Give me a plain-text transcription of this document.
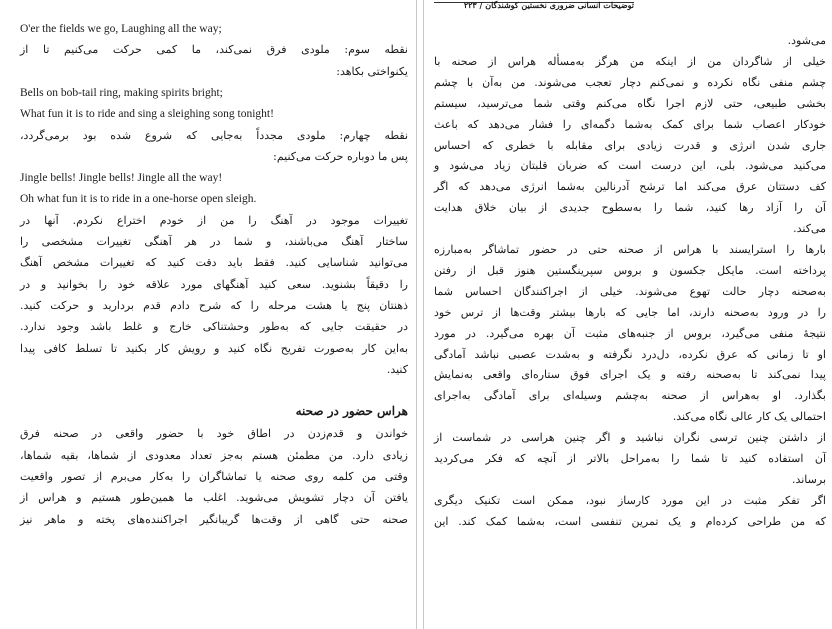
O'er the fields we go, Laughing all the way;
نقطه سوم: ملودی فرق نمی‌کند، ما کمی حرکت می‌کنیم تا از
یکنواختی بکاهد:
Bells on bob-tail ring, making spirits bright;
What fun it is to ride and sing a sleighing song tonight!
نقطه چهارم: ملودی مجدداً به‌جایی که شروع شده بود برمی‌گردد،
پس ما دوباره حرکت می‌کنیم:
Jingle bells! Jingle bells! Jingle all the way!
Oh what fun it is to ride in a one-horse open sleigh.
تغییرات موجود در آهنگ را من از خودم اختراع نکردم. آنها در
ساختار آهنگ می‌باشند، و شما در هر آهنگی تغییرات مشخصی را
می‌توانید شناسایی کنید. فقط باید دقت کنید که تغییرات مشخص آهنگ
را دقیقاً بشنوید. سعی کنید آهنگهای مورد علاقه خود را بخوانید و در
ذهنتان پنج یا هشت مرحله را که شرح دادم قدم بردارید و حرکت کنید.
در حقیقت جایی که به‌طور وحشتناکی خارج و غلط باشد وجود ندارد.
به‌این کار به‌صورت تفریح نگاه کنید و رویش کار بکنید تا تسلط کافی پیدا
کنید.
هراس حضور در صحنه
خواندن و قدم‌زدن در اطاق خود با حضور واقعی در صحنه فرق
زیادی دارد. من مطمئن هستم به‌جز تعداد معدودی از شماها، بقیه شماها،
وقتی من کلمه روی صحنه یا تماشاگران را به‌کار می‌برم از تصور واقعیت
یافتن آن دچار تشویش می‌شوید. اغلب ما همین‌طور هستیم و هراس از
صحنه حتی گاهی از وقت‌ها گریبانگیر اجراکننده‌های پخته و ماهر نیز
توضیحات انسانی ضروری نخستین کوشندگان / ۲۲۳
می‌شود.
خیلی از شاگردان من از اینکه من هرگز به‌مسأله هراس از صحنه با
چشم منفی نگاه نکرده و نمی‌کنم دچار تعجب می‌شوند. من به‌آن با چشم
بخشی طبیعی، حتی لازم اجرا نگاه می‌کنم وقتی شما می‌ترسید، سیستم
خودکار اعصاب شما برای کمک به‌شما دگمه‌ای را فشار می‌دهد که باعث
جاری شدن انرژی و قدرت زیادی برای مقابله با خطری که احساس
می‌کنید می‌شود. بلی، این درست است که ضربان قلبتان زیاد می‌شود و
کف دستتان عرق می‌کند اما ترشح آدرنالین به‌شما انرژی می‌دهد که اگر
آن را آزاد رها کنید، شما را به‌سطوح جدیدی از بیان خلاق هدایت
می‌کند.
بارها را استرایسند با هراس از صحنه حتی در حضور تماشاگر به‌مبارزه
پرداخته است. مایکل جکسون و بروس سپرینگستین هنوز قبل از رفتن
به‌صحنه دچار حالت تهوع می‌شوند. خیلی از اجراکنندگان احساس شما
را در ورود به‌صحنه دارند، اما جایی که بارها بیشتر وقت‌ها از ترس خود
نتیجهٔ منفی می‌گیرد، بروس از جنبه‌های مثبت آن بهره می‌گیرد. در مورد
او تا زمانی که عرق نکرده، دل‌درد نگرفته و به‌شدت عصبی نباشد آمادگی
پیدا نمی‌کند تا به‌صحنه رفته و یک اجرای فوق ستاره‌ای واقعی به‌نمایش
بگذارد. او به‌هراس از صحنه به‌چشم وسیله‌ای برای آمادگی به‌اجرای
احتمالی یک کار عالی نگاه می‌کند.
از داشتن چنین ترسی نگران نباشید و اگر چنین هراسی در شماست از
آن استفاده کنید تا شما را به‌مراحل بالاتر از آنچه که فکر می‌کردید
برساند.
اگر تفکر مثبت در این مورد کارساز نبود، ممکن است تکنیک دیگری
که من طراحی کرده‌ام و یک تمرین تنفسی است، به‌شما کمک کند. این
